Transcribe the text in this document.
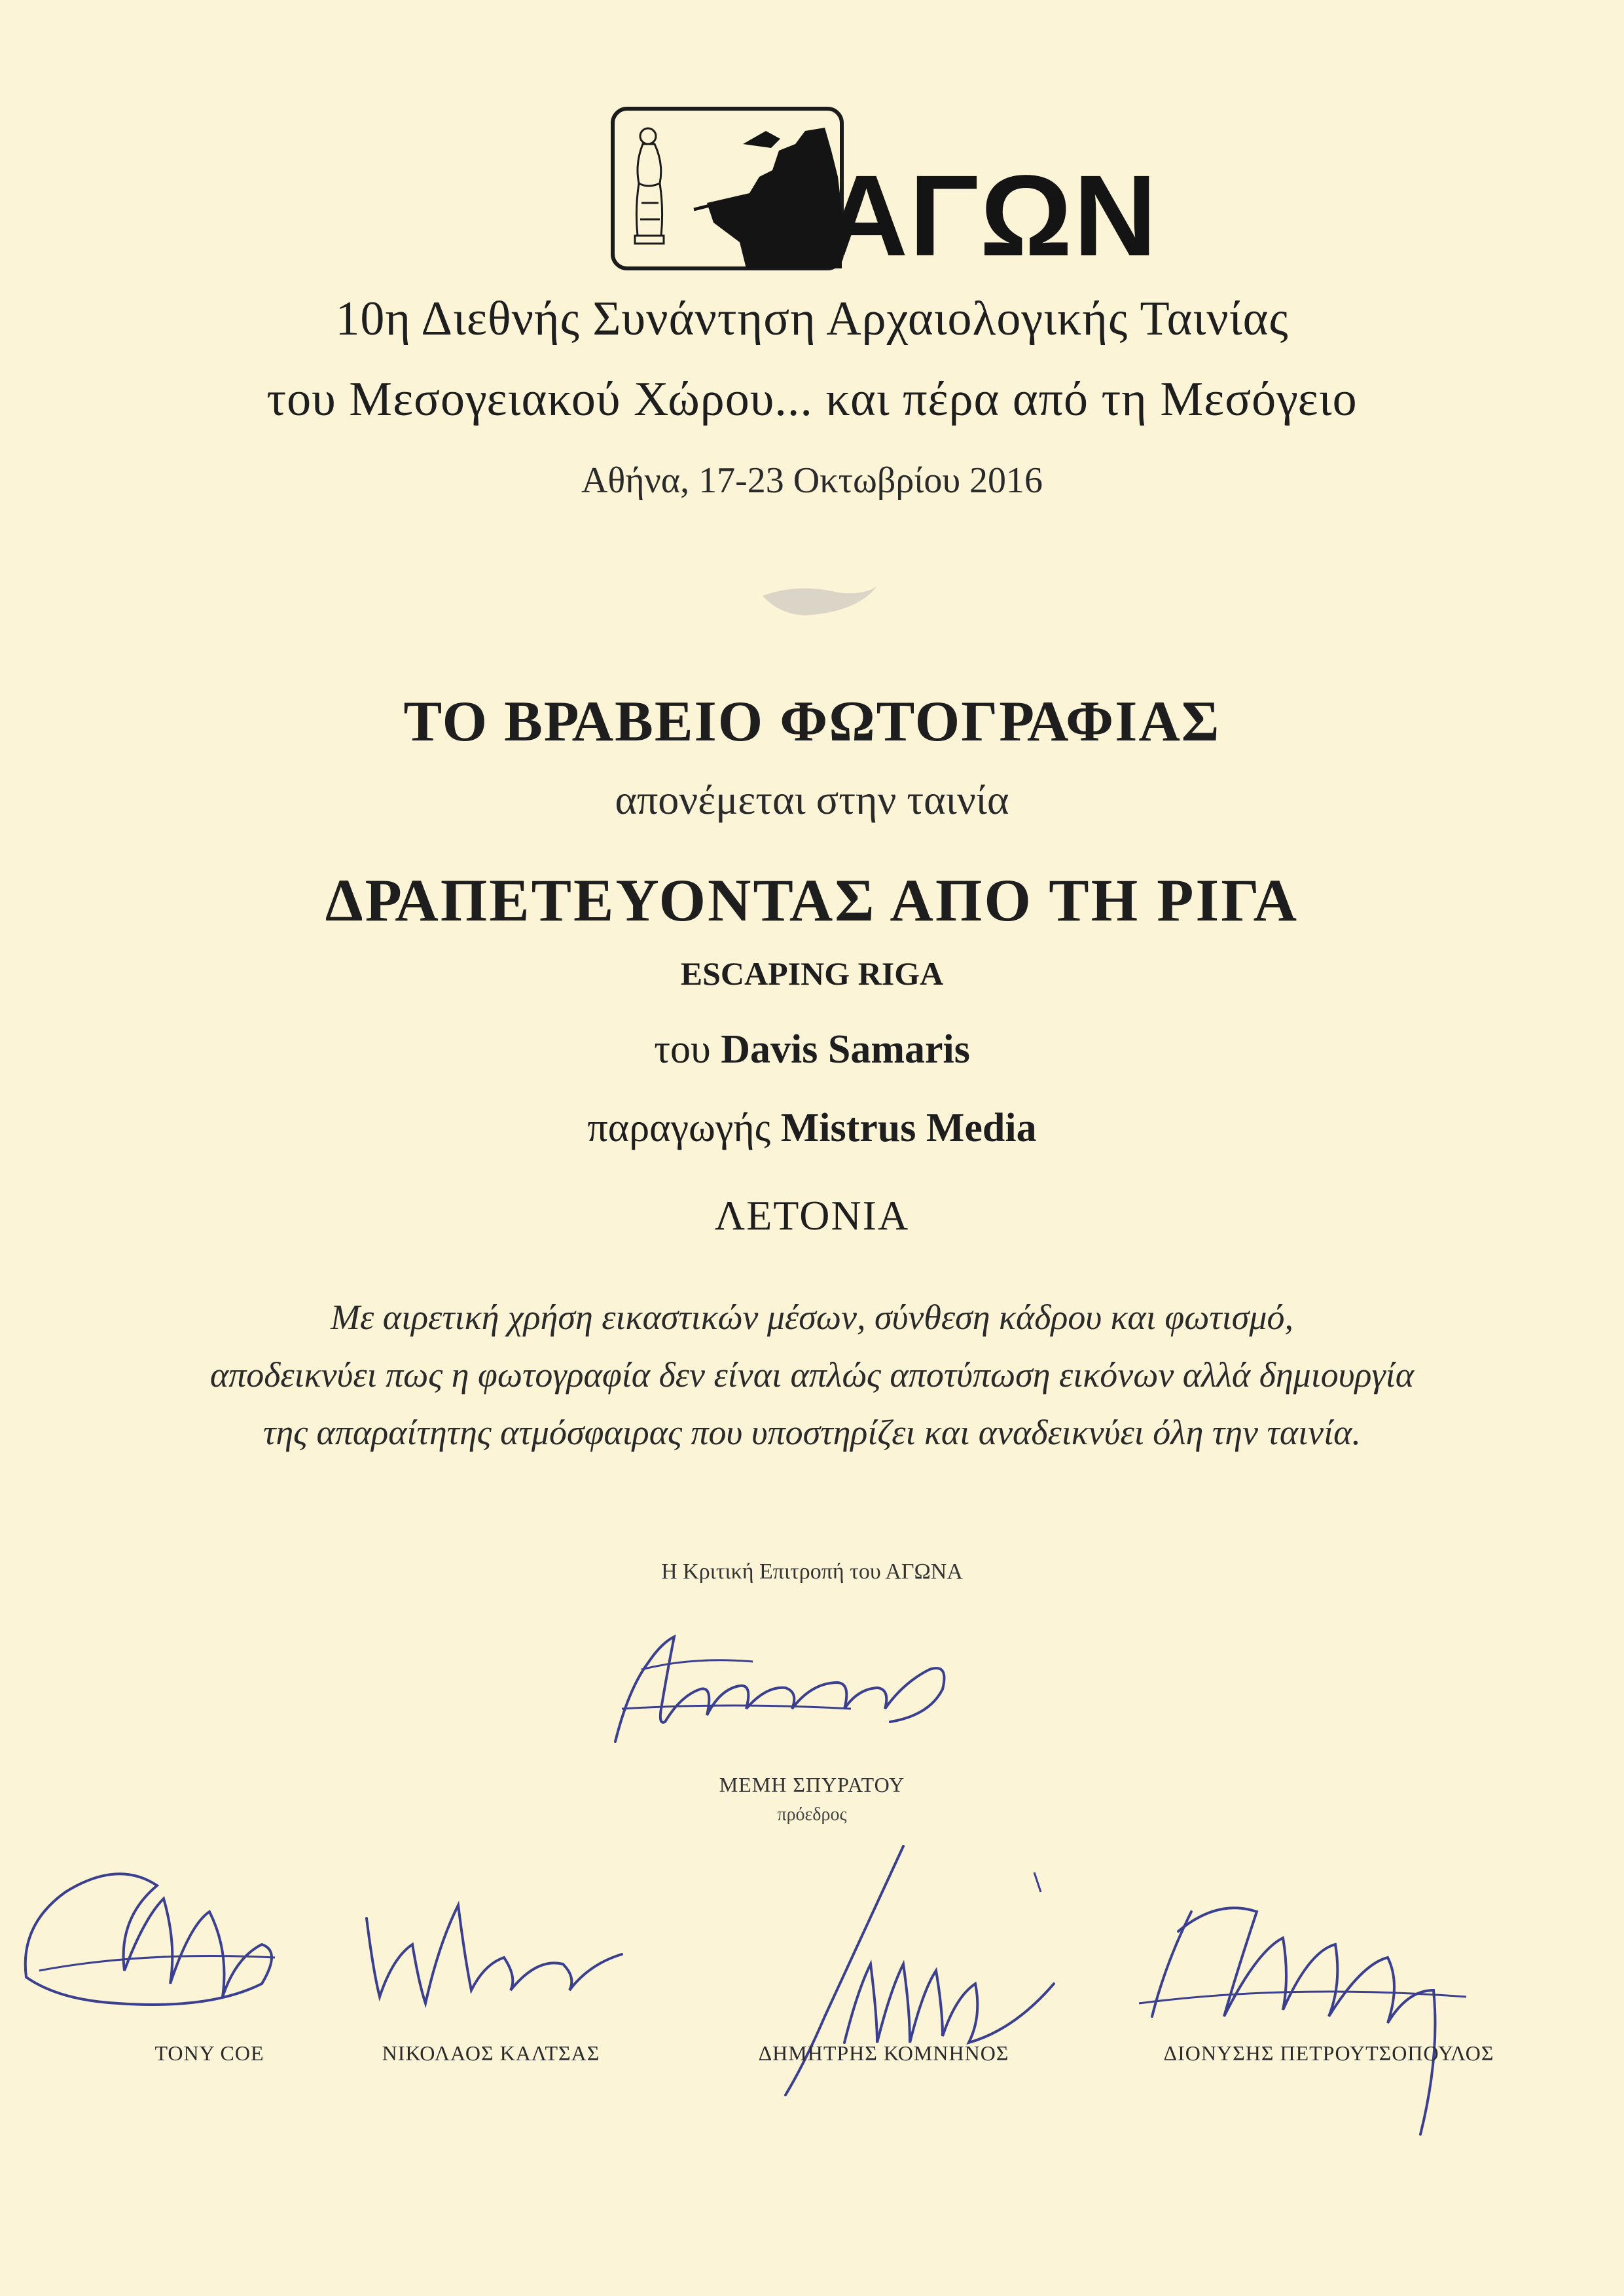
ΑΓΩΝ
10η Διεθνής Συνάντηση Αρχαιολογικής Ταινίας
του Μεσογειακού Χώρου... και πέρα από τη Μεσόγειο
Αθήνα, 17-23 Οκτωβρίου 2016
ΤΟ ΒΡΑΒΕΙΟ ΦΩΤΟΓΡΑΦΙΑΣ
απονέμεται στην ταινία
ΔΡΑΠΕΤΕΥΟΝΤΑΣ ΑΠΟ ΤΗ ΡΙΓΑ
ESCAPING RIGA
του Davis Samaris
παραγωγής Mistrus Media
ΛΕΤΟΝΙΑ
Με αιρετική χρήση εικαστικών μέσων, σύνθεση κάδρου και φωτισμό,
αποδεικνύει πως η φωτογραφία δεν είναι απλώς αποτύπωση εικόνων αλλά δημιουργία
της απαραίτητης ατμόσφαιρας που υποστηρίζει και αναδεικνύει όλη την ταινία.
Η Κριτική Επιτροπή του ΑΓΩΝΑ
ΜΕΜΗ ΣΠΥΡΑΤΟΥ
πρόεδρος
TONY COE	ΝΙΚΟΛΑΟΣ ΚΑΛΤΣΑΣ	ΔΗΜΗΤΡΗΣ ΚΟΜΝΗΝΟΣ	ΔΙΟΝΥΣΗΣ ΠΕΤΡΟΥΤΣΟΠΟΥΛΟΣ
